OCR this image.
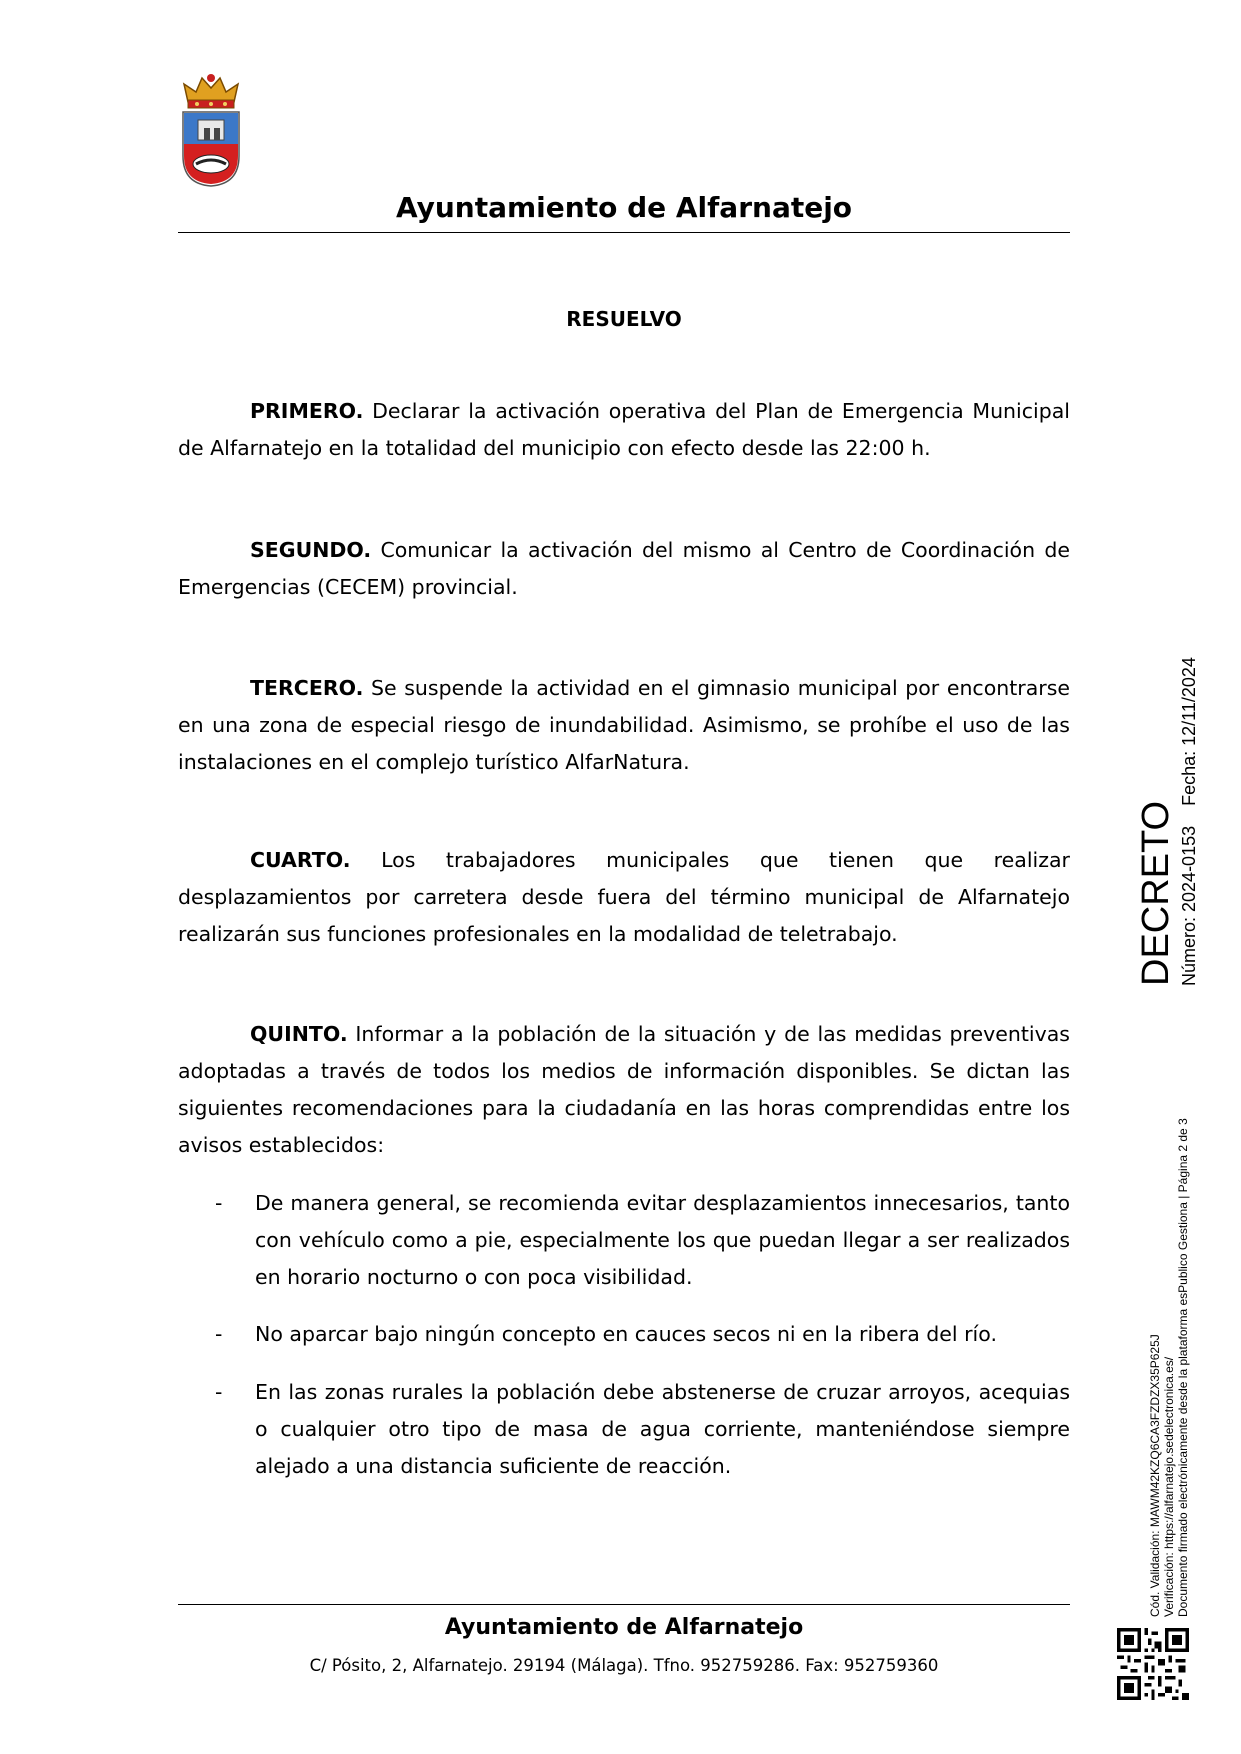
Ayuntamiento de Alfarnatejo
RESUELVO
PRIMERO. Declarar la activación operativa del Plan de Emergencia Municipal de Alfarnatejo en la totalidad del municipio con efecto desde las 22:00 h.
SEGUNDO. Comunicar la activación del mismo al Centro de Coordinación de Emergencias (CECEM) provincial.
TERCERO. Se suspende la actividad en el gimnasio municipal por encontrarse en una zona de especial riesgo de inundabilidad. Asimismo, se prohíbe el uso de las instalaciones en el complejo turístico AlfarNatura.
CUARTO. Los trabajadores municipales que tienen que realizar desplazamientos por carretera desde fuera del término municipal de Alfarnatejo realizarán sus funciones profesionales en la modalidad de teletrabajo.
QUINTO. Informar a la población de la situación y de las medidas preventivas adoptadas a través de todos los medios de información disponibles. Se dictan las siguientes recomendaciones para la ciudadanía en las horas comprendidas entre los avisos establecidos:
- De manera general, se recomienda evitar desplazamientos innecesarios, tanto con vehículo como a pie, especialmente los que puedan llegar a ser realizados en horario nocturno o con poca visibilidad.
- No aparcar bajo ningún concepto en cauces secos ni en la ribera del río.
- En las zonas rurales la población debe abstenerse de cruzar arroyos, acequias o cualquier otro tipo de masa de agua corriente, manteniéndose siempre alejado a una distancia suficiente de reacción.
Ayuntamiento de Alfarnatejo
C/ Pósito, 2, Alfarnatejo. 29194 (Málaga). Tfno. 952759286. Fax: 952759360
DECRETO Número: 2024-0153    Fecha: 12/11/2024
Cód. Validación: MAWM42KZQ6CA3FZDZX35P625J Verificación: https://alfarnatejo.sedelectronica.es/ Documento firmado electrónicamente desde la plataforma esPublico Gestiona | Página 2 de 3
